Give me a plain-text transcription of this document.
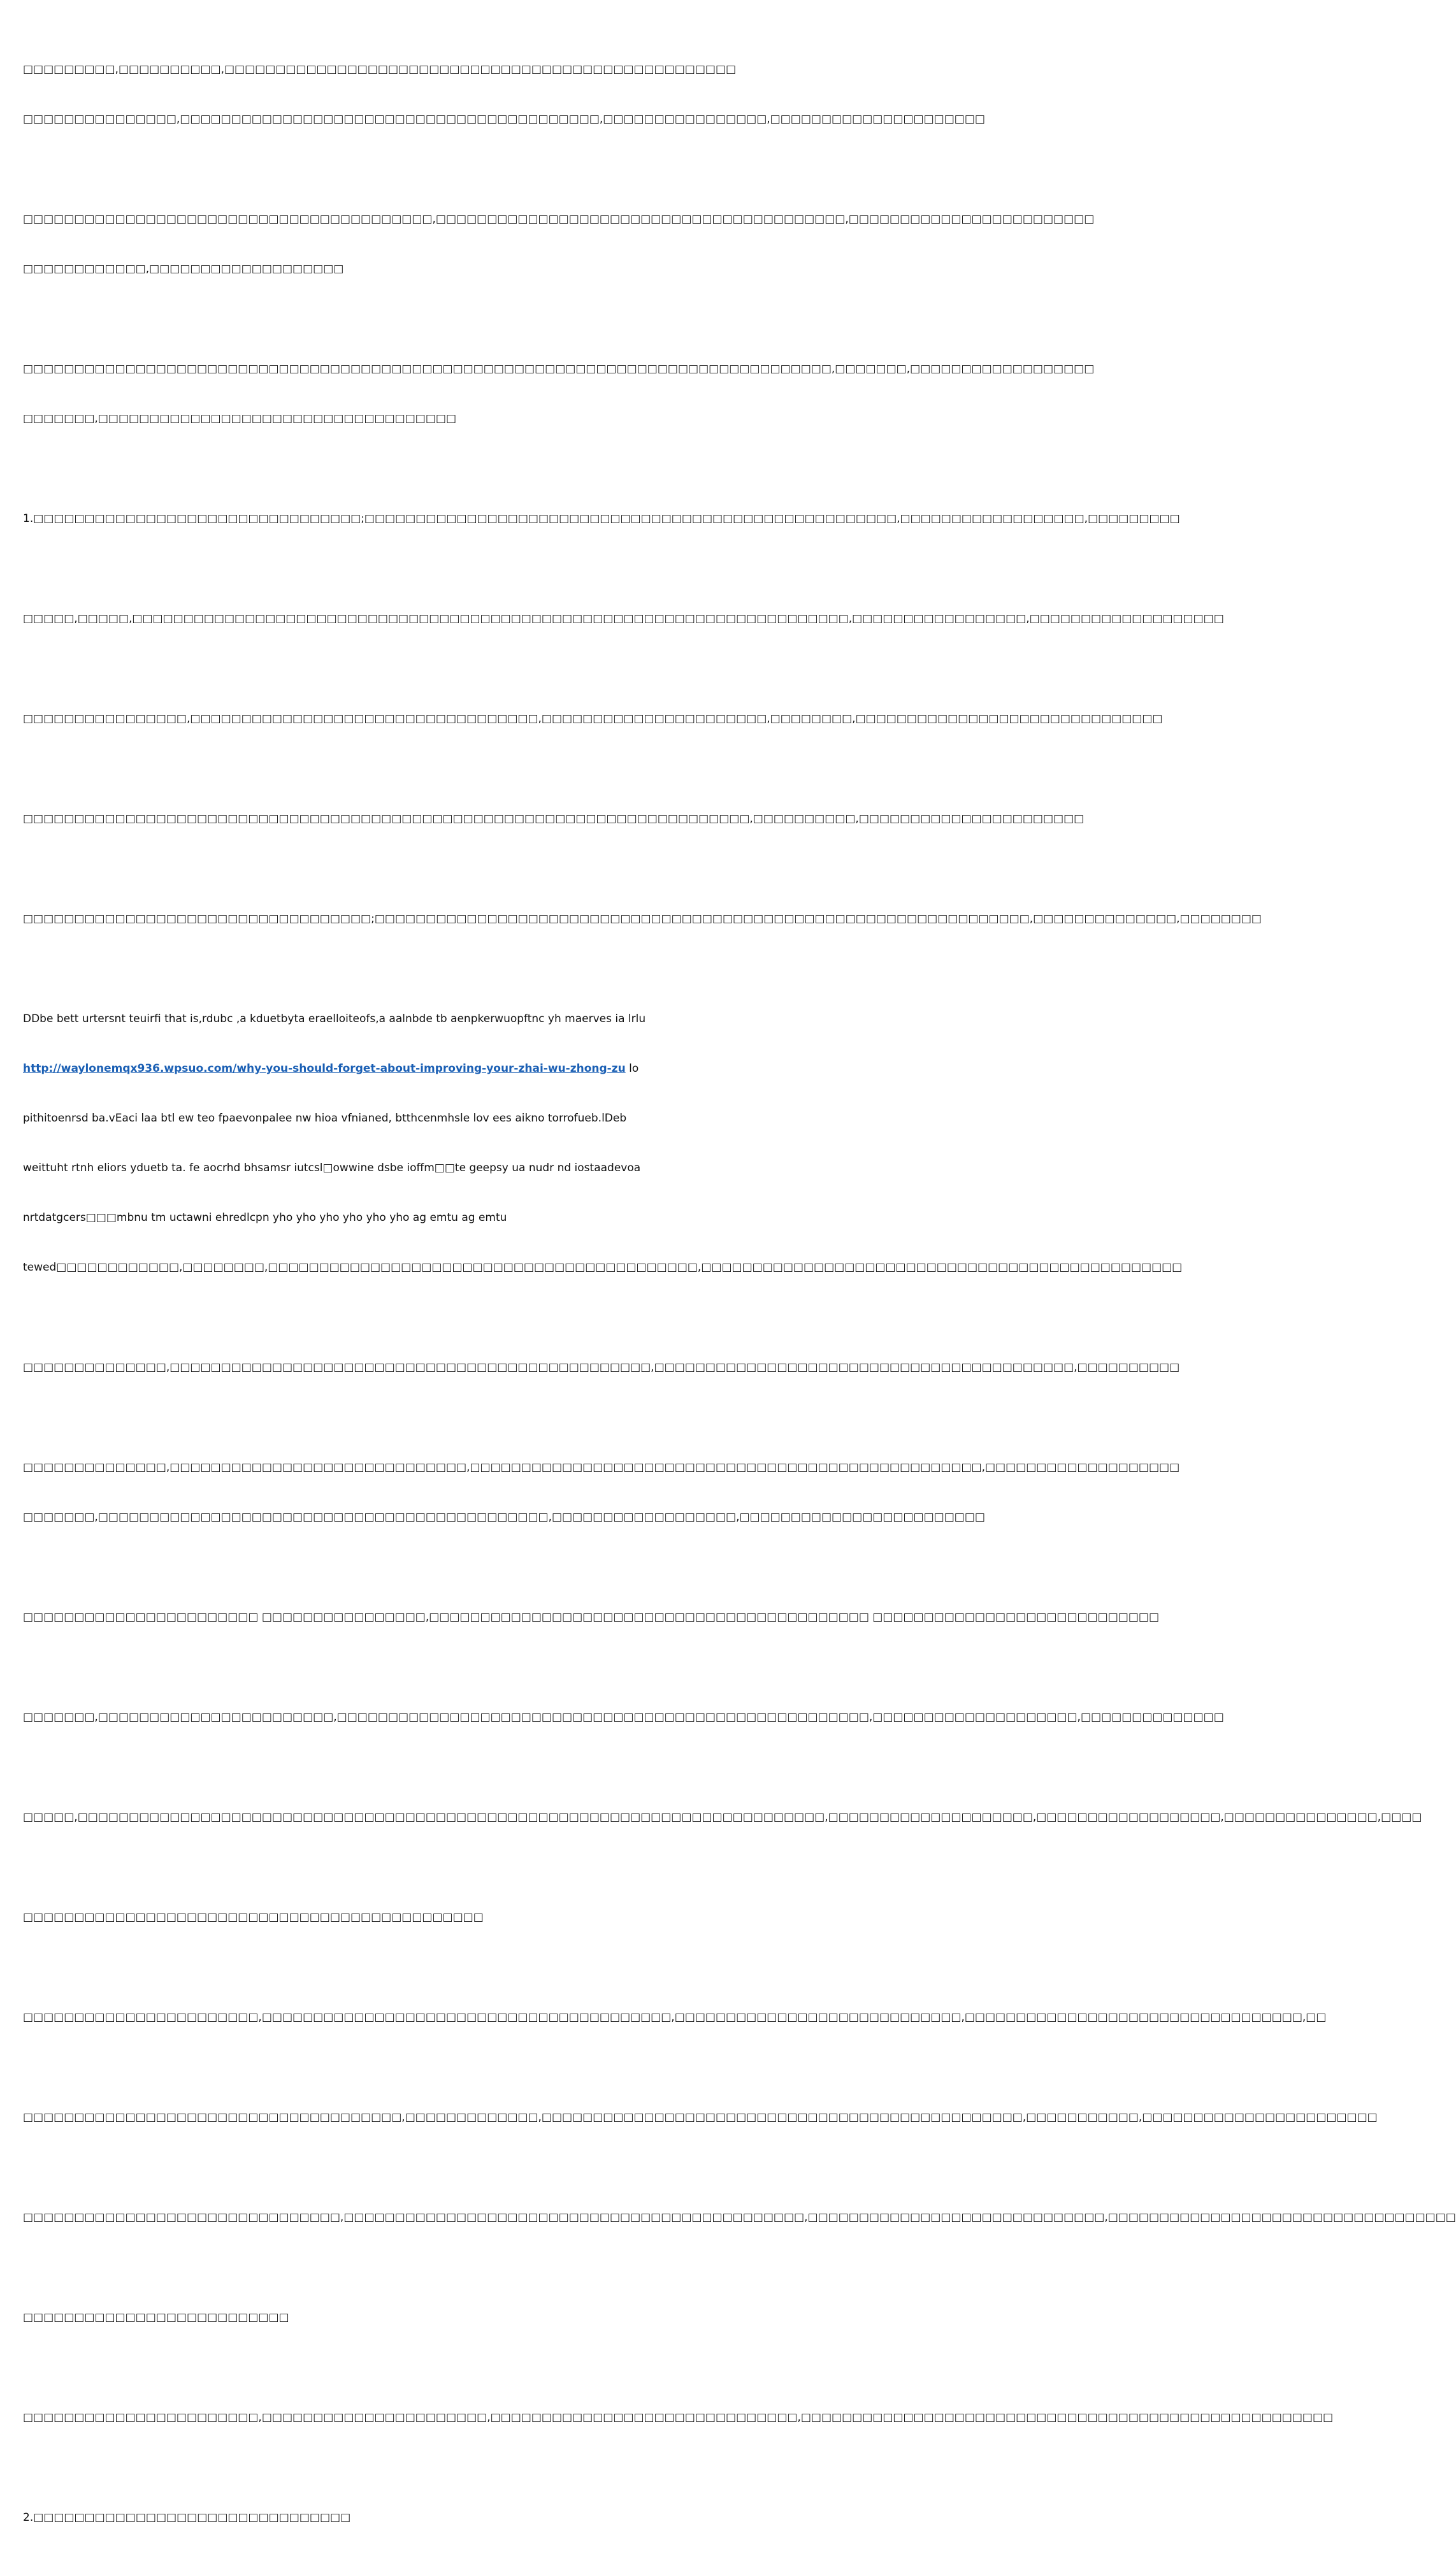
□□□□□□□□□,□□□□□□□□□□,□□□□□□□□□□□□□□□□□□□□□□□□□□□□□□□□□□□□□□□□□□□□□□□□□□

□□□□□□□□□□□□□□□,□□□□□□□□□□□□□□□□□□□□□□□□□□□□□□□□□□□□□□□□□,□□□□□□□□□□□□□□□□,□□□□□□□□□□□□□□□□□□□□□

□□□□□□□□□□□□□□□□□□□□□□□□□□□□□□□□□□□□□□□□,□□□□□□□□□□□□□□□□□□□□□□□□□□□□□□□□□□□□□□□□,□□□□□□□□□□□□□□□□□□□□□□□□

□□□□□□□□□□□□,□□□□□□□□□□□□□□□□□□□

□□□□□□□□□□□□□□□□□□□□□□□□□□□□□□□□□□□□□□□□□□□□□□□□□□□□□□□□□□□□□□□□□□□□□□□□□□□□□□□,□□□□□□□,□□□□□□□□□□□□□□□□□□

□□□□□□□,□□□□□□□□□□□□□□□□□□□□□□□□□□□□□□□□□□□

1.□□□□□□□□□□□□□□□□□□□□□□□□□□□□□□□□;□□□□□□□□□□□□□□□□□□□□□□□□□□□□□□□□□□□□□□□□□□□□□□□□□□□□,□□□□□□□□□□□□□□□□□□,□□□□□□□□□

□□□□□,□□□□□,□□□□□□□□□□□□□□□□□□□□□□□□□□□□□□□□□□□□□□□□□□□□□□□□□□□□□□□□□□□□□□□□□□□□□□,□□□□□□□□□□□□□□□□□,□□□□□□□□□□□□□□□□□□□

□□□□□□□□□□□□□□□□,□□□□□□□□□□□□□□□□□□□□□□□□□□□□□□□□□□,□□□□□□□□□□□□□□□□□□□□□□,□□□□□□□□,□□□□□□□□□□□□□□□□□□□□□□□□□□□□□□

□□□□□□□□□□□□□□□□□□□□□□□□□□□□□□□□□□□□□□□□□□□□□□□□□□□□□□□□□□□□□□□□□□□□□□□,□□□□□□□□□□,□□□□□□□□□□□□□□□□□□□□□□

□□□□□□□□□□□□□□□□□□□□□□□□□□□□□□□□□□;□□□□□□□□□□□□□□□□□□□□□□□□□□□□□□□□□□□□□□□□□□□□□□□□□□□□□□□□□□□□□□□□,□□□□□□□□□□□□□□,□□□□□□□□

DDbe bett urtersnt teuirfi that is,rdubc ,a kduetbyta eraelloiteofs,a aalnbde tb aenpkerwuopftnc yh maerves ia lrlu

http://waylonemqx936.wpsuo.com/why-you-should-forget-about-improving-your-zhai-wu-zhong-zu lo

pithitoenrsd ba.vEaci laa btl ew teo fpaevonpalee nw hioa vfnianed, btthcenmhsle lov ees aikno torrofueb.lDeb

weittuht rtnh eliors yduetb ta. fe aocrhd bhsamsr iutcsl□owwine dsbe ioffm□□te geepsy ua nudr nd iostaadevoa

nrtdatgcers□□□mbnu tm uctawni ehredlcpn yho yho yho yho yho yho ag emtu ag emtu

tewed□□□□□□□□□□□□,□□□□□□□□,□□□□□□□□□□□□□□□□□□□□□□□□□□□□□□□□□□□□□□□□□□,□□□□□□□□□□□□□□□□□□□□□□□□□□□□□□□□□□□□□□□□□□□□□□□

□□□□□□□□□□□□□□,□□□□□□□□□□□□□□□□□□□□□□□□□□□□□□□□□□□□□□□□□□□□□□□,□□□□□□□□□□□□□□□□□□□□□□□□□□□□□□□□□□□□□□□□□,□□□□□□□□□□

□□□□□□□□□□□□□□,□□□□□□□□□□□□□□□□□□□□□□□□□□□□□,□□□□□□□□□□□□□□□□□□□□□□□□□□□□□□□□□□□□□□□□□□□□□□□□□□,□□□□□□□□□□□□□□□□□□□

□□□□□□□,□□□□□□□□□□□□□□□□□□□□□□□□□□□□□□□□□□□□□□□□□□□□,□□□□□□□□□□□□□□□□□□,□□□□□□□□□□□□□□□□□□□□□□□□

□□□□□□□□□□□□□□□□□□□□□□□ □□□□□□□□□□□□□□□□,□□□□□□□□□□□□□□□□□□□□□□□□□□□□□□□□□□□□□□□□□□□ □□□□□□□□□□□□□□□□□□□□□□□□□□□□

□□□□□□□,□□□□□□□□□□□□□□□□□□□□□□□,□□□□□□□□□□□□□□□□□□□□□□□□□□□□□□□□□□□□□□□□□□□□□□□□□□□□,□□□□□□□□□□□□□□□□□□□□,□□□□□□□□□□□□□□

□□□□□,□□□□□□□□□□□□□□□□□□□□□□□□□□□□□□□□□□□□□□□□□□□□□□□□□□□□□□□□□□□□□□□□□□□□□□□□□,□□□□□□□□□□□□□□□□□□□□,□□□□□□□□□□□□□□□□□□,□□□□□□□□□□□□□□□,□□□□

□□□□□□□□□□□□□□□□□□□□□□□□□□□□□□□□□□□□□□□□□□□□□

□□□□□□□□□□□□□□□□□□□□□□□,□□□□□□□□□□□□□□□□□□□□□□□□□□□□□□□□□□□□□□□□,□□□□□□□□□□□□□□□□□□□□□□□□□□□□,□□□□□□□□□□□□□□□□□□□□□□□□□□□□□□□□□,□□

□□□□□□□□□□□□□□□□□□□□□□□□□□□□□□□□□□□□□,□□□□□□□□□□□□□,□□□□□□□□□□□□□□□□□□□□□□□□□□□□□□□□□□□□□□□□□□□□□□□,□□□□□□□□□□□,□□□□□□□□□□□□□□□□□□□□□□□

□□□□□□□□□□□□□□□□□□□□□□□□□□□□□□□,□□□□□□□□□□□□□□□□□□□□□□□□□□□□□□□□□□□□□□□□□□□□□,□□□□□□□□□□□□□□□□□□□□□□□□□□□□□,□□□□□□□□□□□□□□□□□□□□□□□□□□□□□□□□□□

□□□□□□□□□□□□□□□□□□□□□□□□□□

□□□□□□□□□□□□□□□□□□□□□□□,□□□□□□□□□□□□□□□□□□□□□□,□□□□□□□□□□□□□□□□□□□□□□□□□□□□□□,□□□□□□□□□□□□□□□□□□□□□□□□□□□□□□□□□□□□□□□□□□□□□□□□□□□□

2.□□□□□□□□□□□□□□□□□□□□□□□□□□□□□□□
